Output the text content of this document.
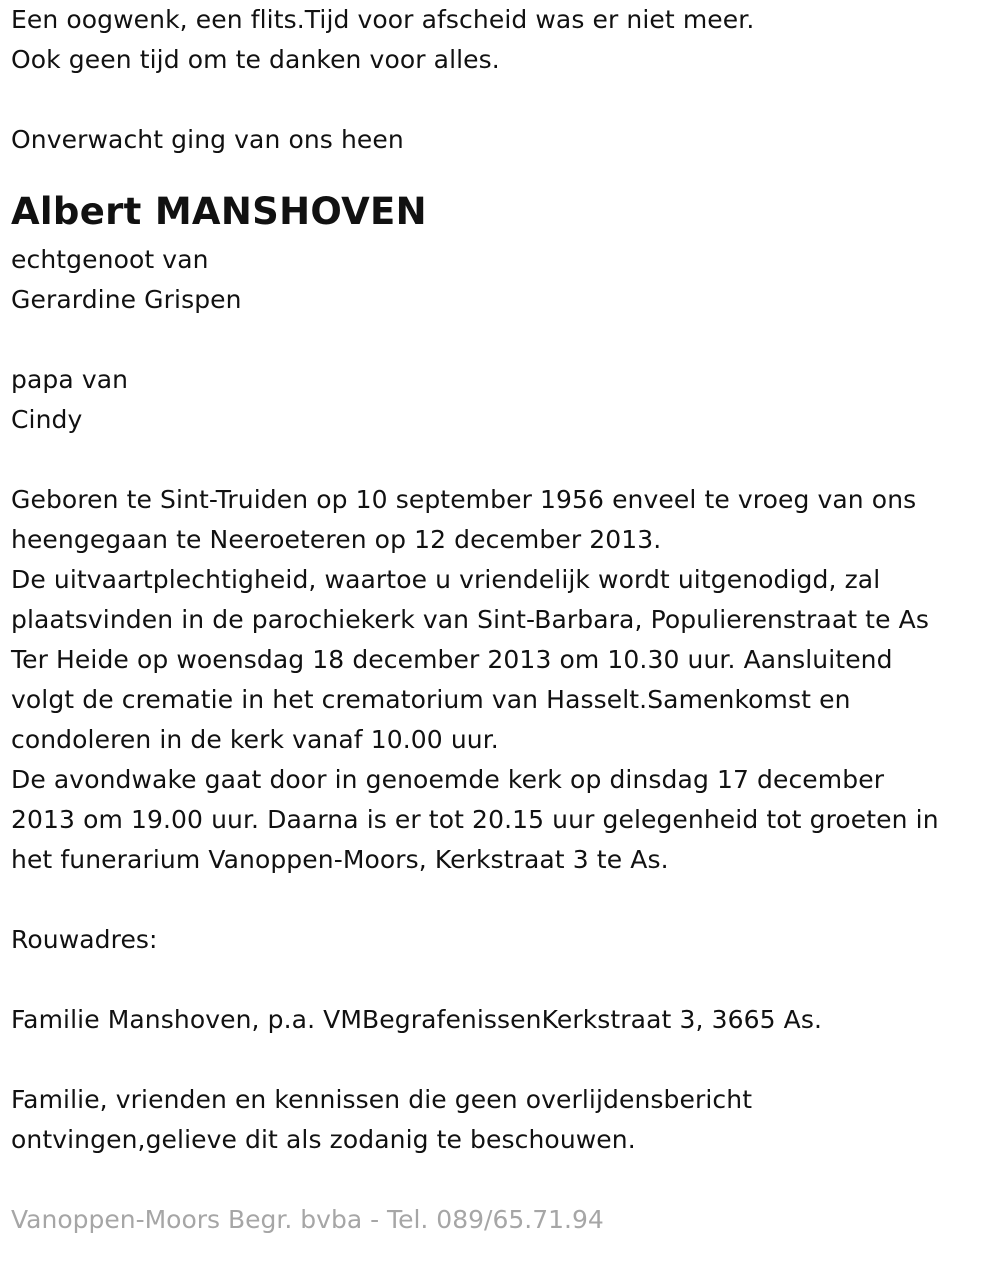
Een oogwenk, een flits.Tijd voor afscheid was er niet meer.
Ook geen tijd om te danken voor alles.
Onverwacht ging van ons heen
Albert MANSHOVEN
echtgenoot van
Gerardine Grispen
papa van
Cindy
Geboren te Sint-Truiden op 10 september 1956 enveel te vroeg van ons
heengegaan te Neeroeteren op 12 december 2013.
De uitvaartplechtigheid, waartoe u vriendelijk wordt uitgenodigd, zal
plaatsvinden in de parochiekerk van Sint-Barbara, Populierenstraat te As
Ter Heide op woensdag 18 december 2013 om 10.30 uur. Aansluitend
volgt de crematie in het crematorium van Hasselt.Samenkomst en
condoleren in de kerk vanaf 10.00 uur.
De avondwake gaat door in genoemde kerk op dinsdag 17 december
2013 om 19.00 uur. Daarna is er tot 20.15 uur gelegenheid tot groeten in
het funerarium Vanoppen-Moors, Kerkstraat 3 te As.
Rouwadres:
Familie Manshoven, p.a. VMBegrafenissenKerkstraat 3, 3665 As.
Familie, vrienden en kennissen die geen overlijdensbericht
ontvingen,gelieve dit als zodanig te beschouwen.
Vanoppen-Moors Begr. bvba - Tel. 089/65.71.94
